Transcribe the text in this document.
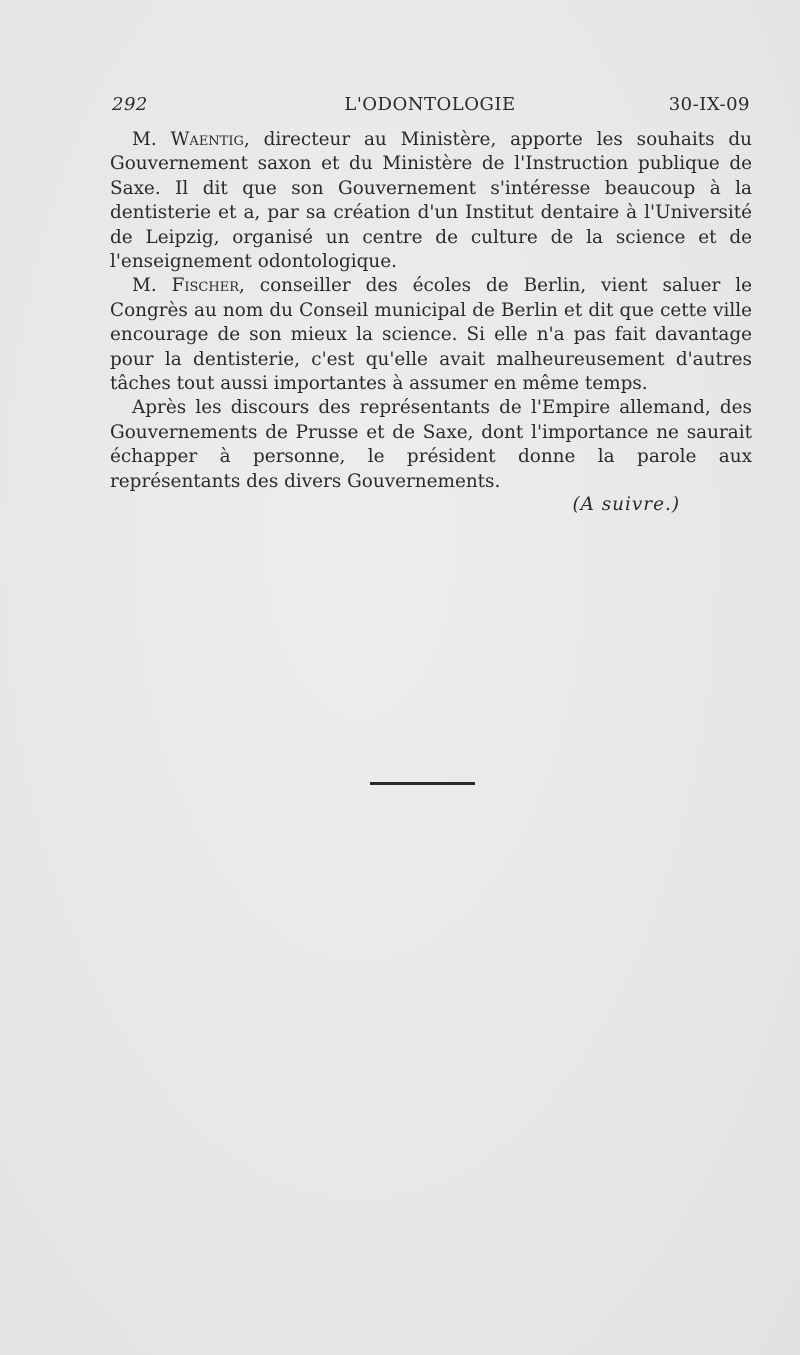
292	L'ODONTOLOGIE	30-IX-09

M. Waentig, directeur au Ministère, apporte les souhaits du Gouvernement saxon et du Ministère de l'Instruction publique de Saxe. Il dit que son Gouvernement s'intéresse beaucoup à la dentisterie et a, par sa création d'un Institut dentaire à l'Université de Leipzig, organisé un centre de culture de la science et de l'enseignement odontologique.

M. Fischer, conseiller des écoles de Berlin, vient saluer le Congrès au nom du Conseil municipal de Berlin et dit que cette ville encourage de son mieux la science. Si elle n'a pas fait davantage pour la dentisterie, c'est qu'elle avait malheureusement d'autres tâches tout aussi importantes à assumer en même temps.

Après les discours des représentants de l'Empire allemand, des Gouvernements de Prusse et de Saxe, dont l'importance ne saurait échapper à personne, le président donne la parole aux représentants des divers Gouvernements.

(A suivre.)
